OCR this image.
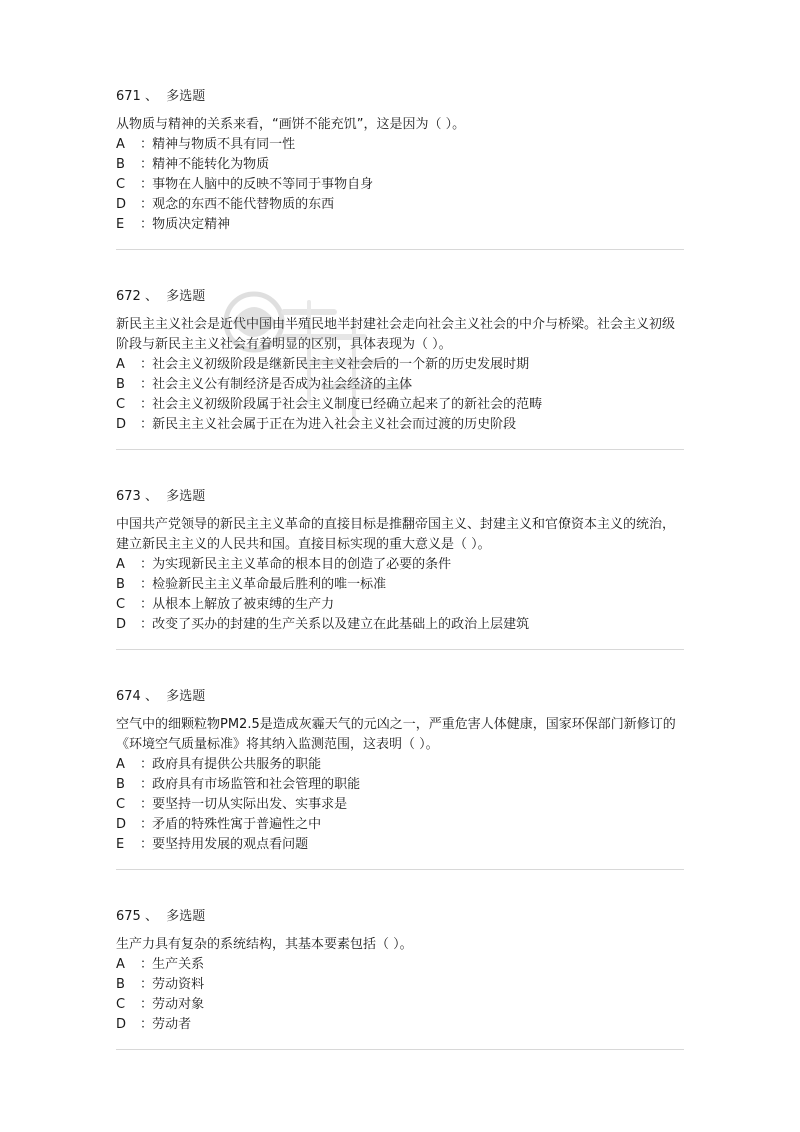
671 、 多选题

从物质与精神的关系来看，“画饼不能充饥”，这是因为（ ）。

A ： 精神与物质不具有同一性
B ： 精神不能转化为物质
C ： 事物在人脑中的反映不等同于事物自身
D ： 观念的东西不能代替物质的东西
E ： 物质决定精神
672 、 多选题

新民主主义社会是近代中国由半殖民地半封建社会走向社会主义社会的中介与桥梁。社会主义初级阶段与新民主主义社会有着明显的区别，具体表现为（ ）。

A ： 社会主义初级阶段是继新民主主义社会后的一个新的历史发展时期
B ： 社会主义公有制经济是否成为社会经济的主体
C ： 社会主义初级阶段属于社会主义制度已经确立起来了的新社会的范畴
D ： 新民主主义社会属于正在为进入社会主义社会而过渡的历史阶段
673 、 多选题

中国共产党领导的新民主主义革命的直接目标是推翻帝国主义、封建主义和官僚资本主义的统治，建立新民主主义的人民共和国。直接目标实现的重大意义是（ ）。

A ： 为实现新民主主义革命的根本目的创造了必要的条件
B ： 检验新民主主义革命最后胜利的唯一标准
C ： 从根本上解放了被束缚的生产力
D ： 改变了买办的封建的生产关系以及建立在此基础上的政治上层建筑
674 、 多选题

空气中的细颗粒物PM2.5是造成灰霾天气的元凶之一，严重危害人体健康，国家环保部门新修订的《环境空气质量标准》将其纳入监测范围，这表明（ ）。

A ： 政府具有提供公共服务的职能
B ： 政府具有市场监管和社会管理的职能
C ： 要坚持一切从实际出发、实事求是
D ： 矛盾的特殊性寓于普遍性之中
E ： 要坚持用发展的观点看问题
675 、 多选题

生产力具有复杂的系统结构，其基本要素包括（ ）。

A ： 生产关系
B ： 劳动资料
C ： 劳动对象
D ： 劳动者
